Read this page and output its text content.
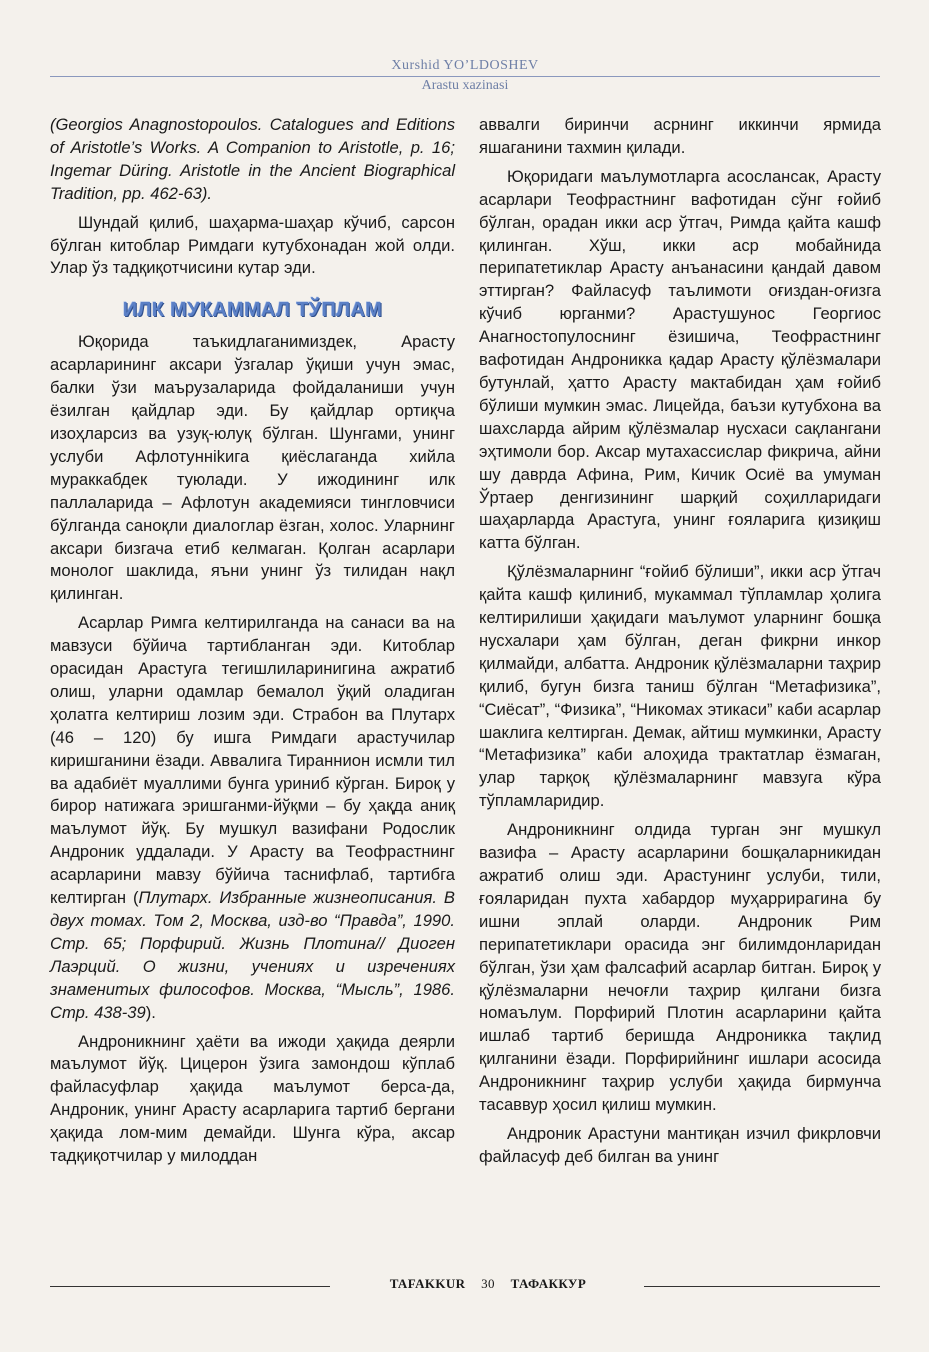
Xurshid YO’LDOSHEV
Arastu xazinasi

(Georgios Anagnostopoulos. Catalogues and Editions of Aristotle’s Works. A Companion to Aristotle, p. 16; Ingemar Düring. Aristotle in the Ancient Biographical Tradition, pp. 462-63).

Шундай қилиб, шаҳарма-шаҳар кўчиб, сарсон бўлган китоблар Римдаги кутубхонадан жой олди. Улар ўз тадқиқотчисини кутар эди.

ИЛК МУКАММАЛ ТЎПЛАМ

Юқорида таъкидлаганимиздек, Арасту асарларининг аксари ўзгалар ўқиши учун эмас, балки ўзи маърузаларида фойдаланиши учун ёзилган қайдлар эди. Бу қайдлар ортиқча изоҳларсиз ва узуқ-юлуқ бўлган. Шунгами, унинг услуби Афлотуннikига қиёслаганда хийла мураккабдек туюлади. У ижодининг илк паллаларида – Афлотун академияси тингловчиси бўлганда саноқли диалоглар ёзган, холос. Уларнинг аксари бизгача етиб келмаган. Қолган асарлари монолог шаклида, яъни унинг ўз тилидан нақл қилинган.

Асарлар Римга келтирилганда на санаси ва на мавзуси бўйича тартибланган эди. Китоблар орасидан Арастуга тегишлиларинигина ажратиб олиш, уларни одамлар бемалол ўқий оладиган ҳолатга келтириш лозим эди. Страбон ва Плутарх (46 – 120) бу ишга Римдаги арастучилар киришганини ёзади. Аввалига Тираннион исмли тил ва адабиёт муаллими бунга уриниб кўрган. Бироқ у бирор натижага эришганми-йўқми – бу ҳақда аниқ маълумот йўқ. Бу мушкул вазифани Родослик Андроник уддалади. У Арасту ва Теофрастнинг асарларини мавзу бўйича таснифлаб, тартибга келтирган (Плутарх. Избранные жизнеописания. В двух томах. Том 2, Москва, изд-во “Правда”, 1990. Стр. 65; Порфирий. Жизнь Плотина// Диоген Лаэрций. О жизни, учениях и изречениях знаменитых философов. Москва, “Мысль”, 1986. Стр. 438-39).

Андроникнинг ҳаёти ва ижоди ҳақида деярли маълумот йўқ. Цицерон ўзига замондош кўплаб файласуфлар ҳақида маълумот берса-да, Андроник, унинг Арасту асарларига тартиб бергани ҳақида лом-мим демайди. Шунга кўра, аксар тадқиқотчилар у милоддан

аввалги биринчи асрнинг иккинчи ярмида яшаганини тахмин қилади.

Юқоридаги маълумотларга асослансак, Арасту асарлари Теофрастнинг вафотидан сўнг ғойиб бўлган, орадан икки аср ўтгач, Римда қайта кашф қилинган. Хўш, икки аср мобайнида перипатетиклар Арасту анъанасини қандай давом эттирган? Файласуф таълимоти оғиздан-оғизга кўчиб юрганми? Арастушунос Георгиос Анагностопулоснинг ёзишича, Теофрастнинг вафотидан Андроникка қадар Арасту қўлёзмалари бутунлай, ҳатто Арасту мактабидан ҳам ғойиб бўлиши мумкин эмас. Лицейда, баъзи кутубхона ва шахсларда айрим қўлёзмалар нусхаси сақлангани эҳтимоли бор. Аксар мутахассислар фикрича, айни шу даврда Афина, Рим, Кичик Осиё ва умуман Ўртаер денгизининг шарқий соҳилларидаги шаҳарларда Арастуга, унинг ғояларига қизиқиш катта бўлган.

Қўлёзмаларнинг “ғойиб бўлиши”, икки аср ўтгач қайта кашф қилиниб, мукаммал тўпламлар ҳолига келтирилиши ҳақидаги маълумот уларнинг бошқа нусхалари ҳам бўлган, деган фикрни инкор қилмайди, албатта. Андроник қўлёзмаларни таҳрир қилиб, бугун бизга таниш бўлган “Метафизика”, “Сиёсат”, “Физика”, “Никомах этикаси” каби асарлар шаклига келтирган. Демак, айтиш мумкинки, Арасту “Метафизика” каби алоҳида трактатлар ёзмаган, улар тарқоқ қўлёзмаларнинг мавзуга кўра тўпламларидир.

Андроникнинг олдида турган энг мушкул вазифа – Арасту асарларини бошқаларникидан ажратиб олиш эди. Арастунинг услуби, тили, ғояларидан пухта хабардор муҳаррирагина бу ишни эплай оларди. Андроник Рим перипатетиклари орасида энг билимдонларидан бўлган, ўзи ҳам фалсафий асарлар битган. Бироқ у қўлёзмаларни нечоғли таҳрир қилгани бизга номаълум. Порфирий Плотин асарларини қайта ишлаб тартиб беришда Андроникка тақлид қилганини ёзади. Порфирийнинг ишлари асосида Андроникнинг таҳрир услуби ҳақида бирмунча тасаввур ҳосил қилиш мумкин.

Андроник Арастуни мантиқан изчил фикрловчи файласуф деб билган ва унинг

TAFAKKUR 30 ТАФАККУР
